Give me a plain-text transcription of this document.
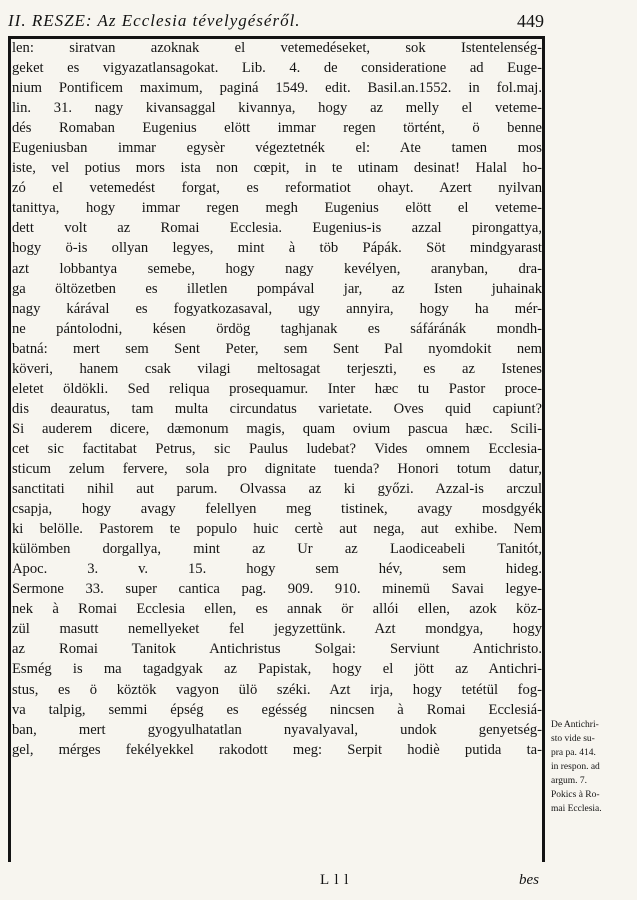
II. RESZE: Az Ecclesia tévelygéséről.	449
len: siratvan azoknak el vetemedéseket, sok Istentelenség-
geket es vigyazatlansagokat. Lib. 4. de consideratione ad Euge-
nium Pontificem maximum, paginá 1549. edit. Basil.an.1552. in fol.maj.
lin. 31. nagy kivansaggal kivannya, hogy az melly el veteme-
dés Romaban Eugenius elött immar regen történt, ö benne
Eugeniusban immar egysèr végeztetnék el: Ate tamen mos
iste, vel potius mors ista non cœpit, in te utinam desinat! Halal ho-
zó el vetemedést forgat, es reformatiot ohayt. Azert nyilvan
tanittya, hogy immar regen megh Eugenius elött el veteme-
dett volt az Romai Ecclesia. Eugenius-is azzal pirongattya,
hogy ö-is ollyan legyes, mint à töb Pápák. Söt mindgyarast
azt lobbantya semebe, hogy nagy kevélyen, aranyban, dra-
ga öltözetben es illetlen pompával jar, az Isten juhainak
nagy kárával es fogyatkozasaval, ugy annyira, hogy ha mér-
ne pántolodni, késen ördög taghjanak es sáfáránák mondh-
batná: mert sem Sent Peter, sem Sent Pal nyomdokit nem
köveri, hanem csak vilagi meltosagat terjeszti, es az Istenes
eletet öldökli. Sed reliqua prosequamur. Inter hæc tu Pastor proce-
dis deauratus, tam multa circundatus varietate. Oves quid capiunt?
Si auderem dicere, dæmonum magis, quam ovium pascua hæc. Scili-
cet sic factitabat Petrus, sic Paulus ludebat? Vides omnem Ecclesia-
sticum zelum fervere, sola pro dignitate tuenda? Honori totum datur,
sanctitati nihil aut parum. Olvassa az ki győzi. Azzal-is arczul
csapja, hogy avagy felellyen meg tistinek, avagy mosdgyék
ki belölle. Pastorem te populo huic certè aut nega, aut exhibe. Nem
külömben dorgallya, mint az Ur az Laodiceabeli Tanitót,
Apoc. 3. v. 15. hogy sem hév, sem hideg.
Sermone 33. super cantica pag. 909. 910. minemü Savai legye-
nek à Romai Ecclesia ellen, es annak ör allói ellen, azok köz-
zül masutt nemellyeket fel jegyzettünk. Azt mondgya, hogy
az Romai Tanitok Antichristus Solgai: Serviunt Antichristo.
Esmég is ma tagadgyak az Papistak, hogy el jött az Antichri-
stus, es ö köztök vagyon ülö széki. Azt irja, hogy tetétül fog-
va talpig, semmi épség es egésség nincsen à Romai Ecclesiá-
ban, mert gyogyulhatatlan nyavalyaval, undok genyetség-
gel, mérges fekélyekkel rakodott meg: Serpit hodiè putida ta-
De Antichri-
sto vide su-
pra pa. 414.
in respon. ad
argum. 7.
Pokics à Ro-
mai Ecclesia.
L l l	bes
